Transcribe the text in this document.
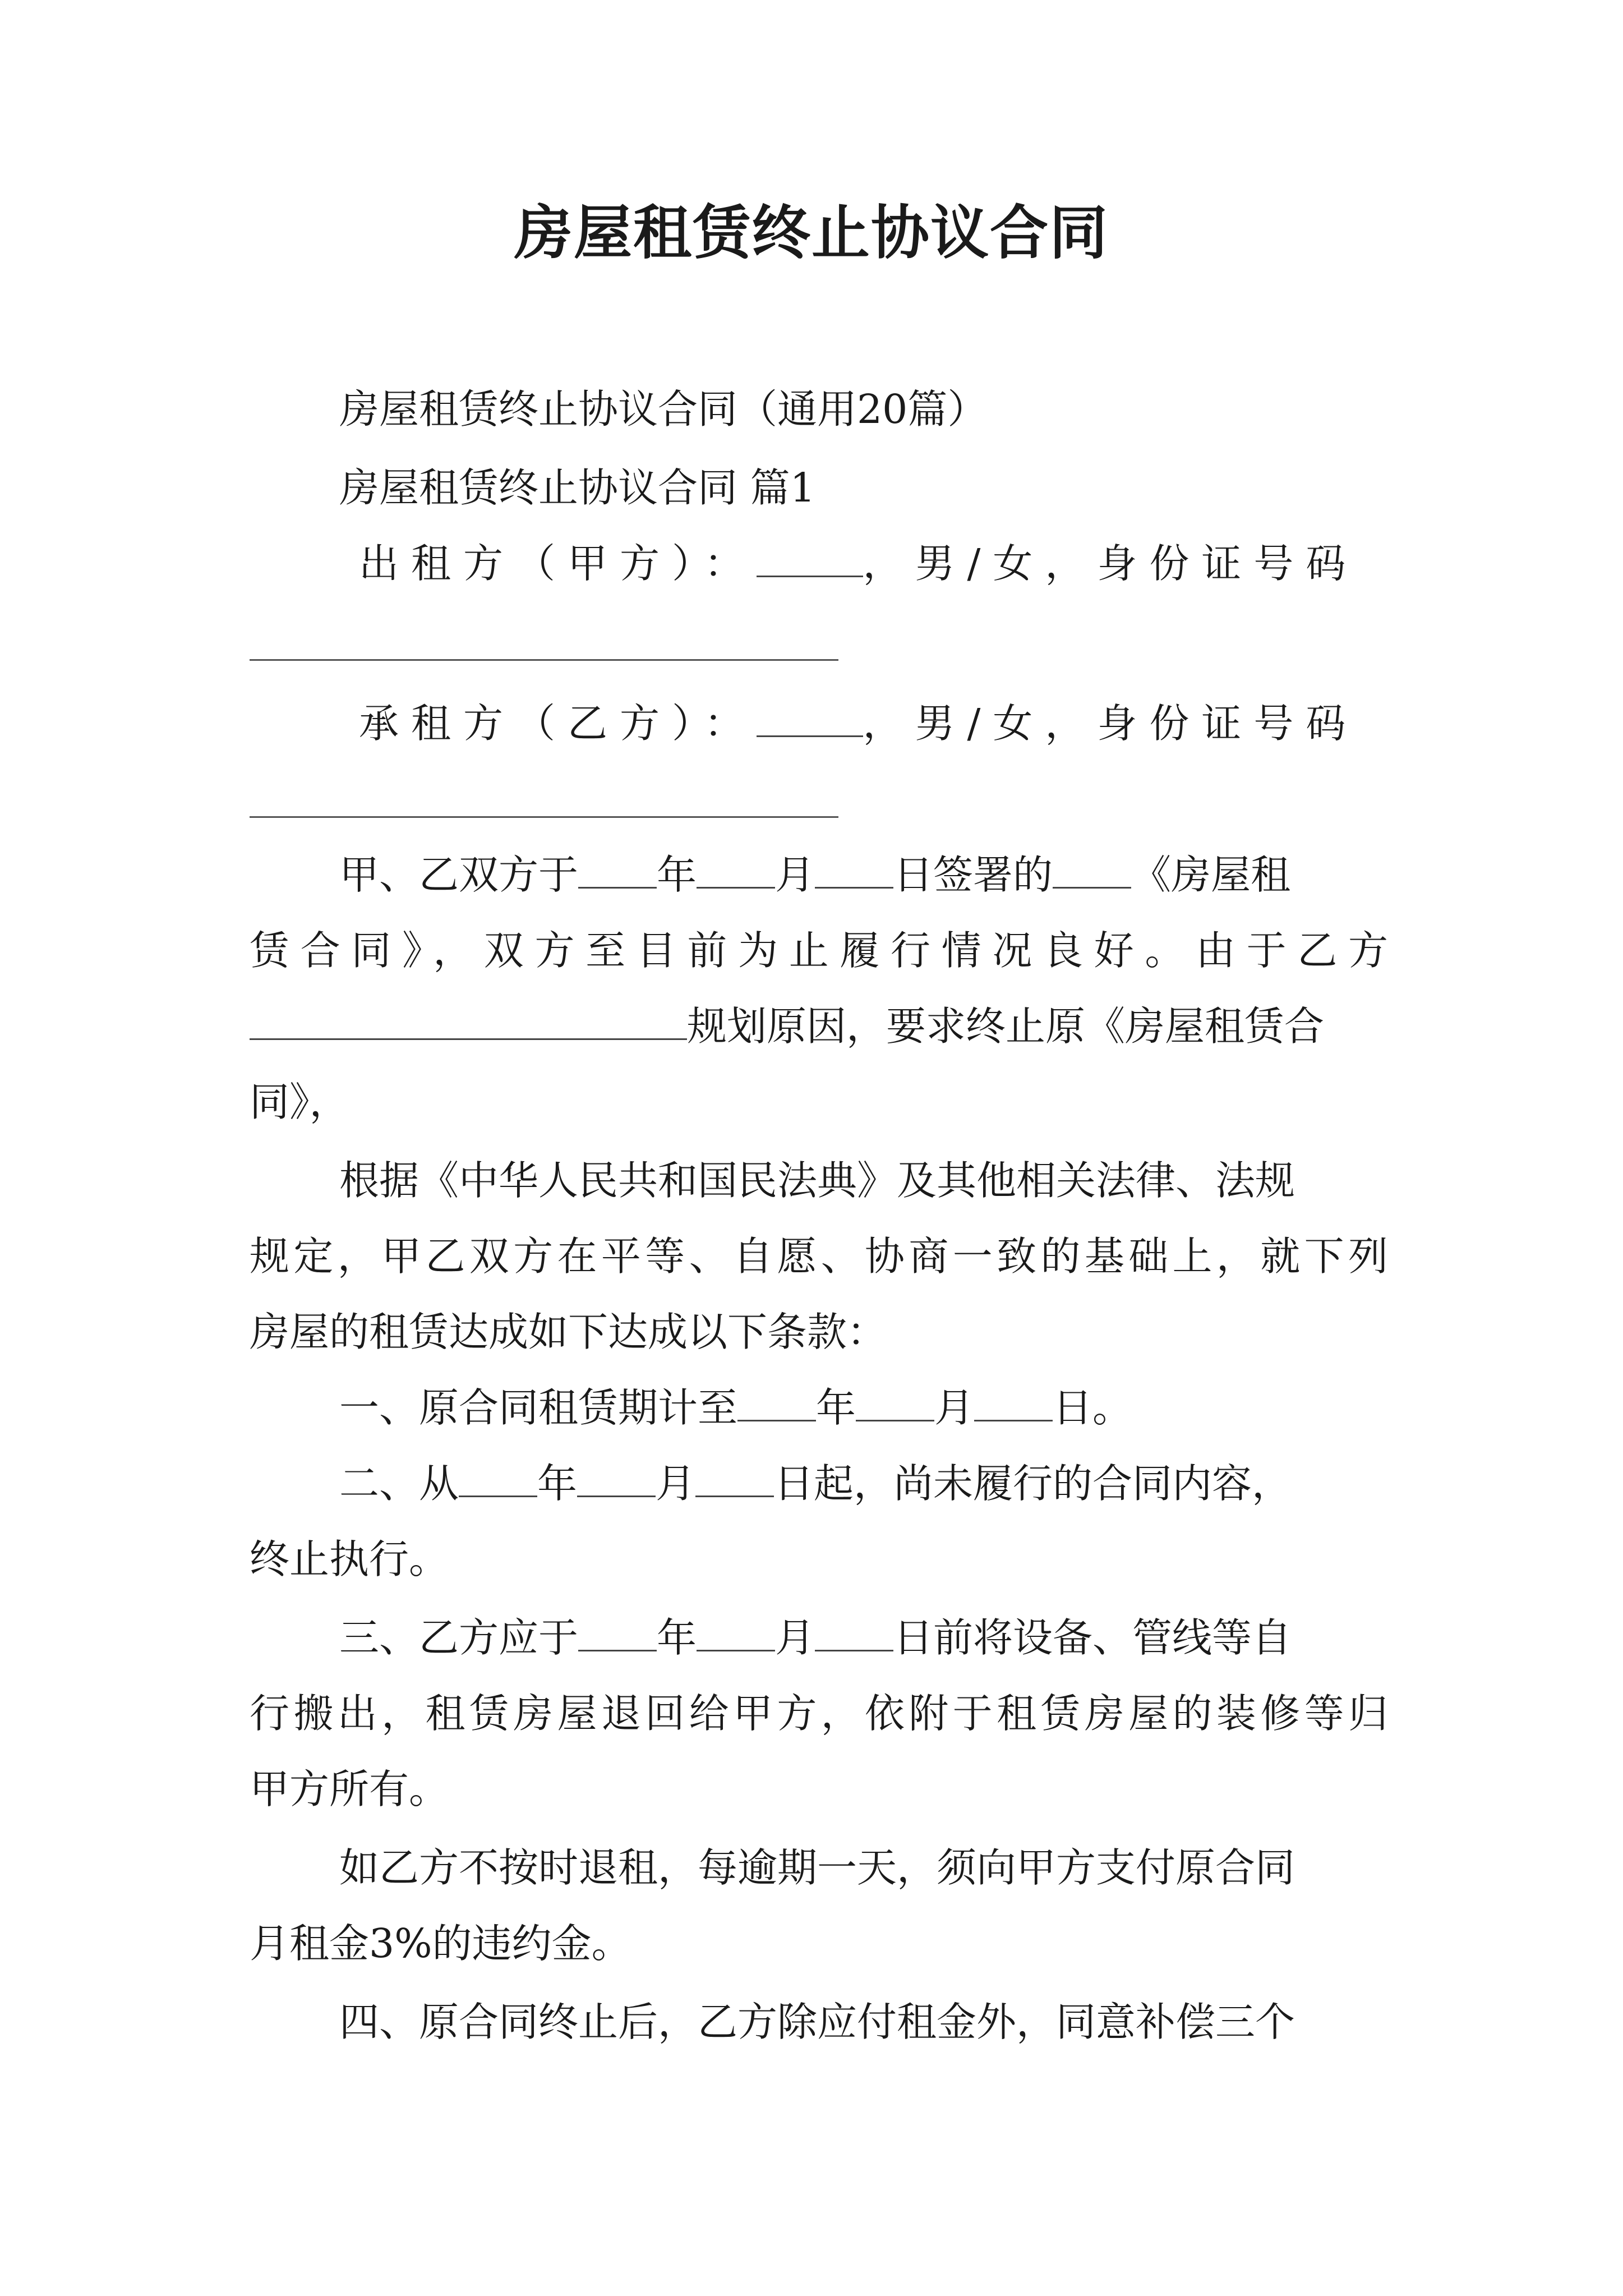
房屋租赁终止协议合同
房屋租赁终止协议合同（通用20篇）
房屋租赁终止协议合同 篇1
出租方（甲方）：	，男/女，身份证号码
承租方（乙方）：	，男/女，身份证号码
甲、乙双方于 年 月 日签署的 《房屋租
赁合同》，双方至目前为止履行情况良好。由于乙方
规划原因，要求终止原《房屋租赁合
同》，
根据《中华人民共和国民法典》及其他相关法律、法规
规定，甲乙双方在平等、自愿、协商一致的基础上，就下列
房屋的租赁达成如下达成以下条款：
一、原合同租赁期计至 年 月 日。
二、从 年 月 日起，尚未履行的合同内容，
终止执行。
三、乙方应于 年 月 日前将设备、管线等自
行搬出，租赁房屋退回给甲方，依附于租赁房屋的装修等归
甲方所有。
如乙方不按时退租，每逾期一天，须向甲方支付原合同
月租金3%的违约金。
四、原合同终止后，乙方除应付租金外，同意补偿三个
